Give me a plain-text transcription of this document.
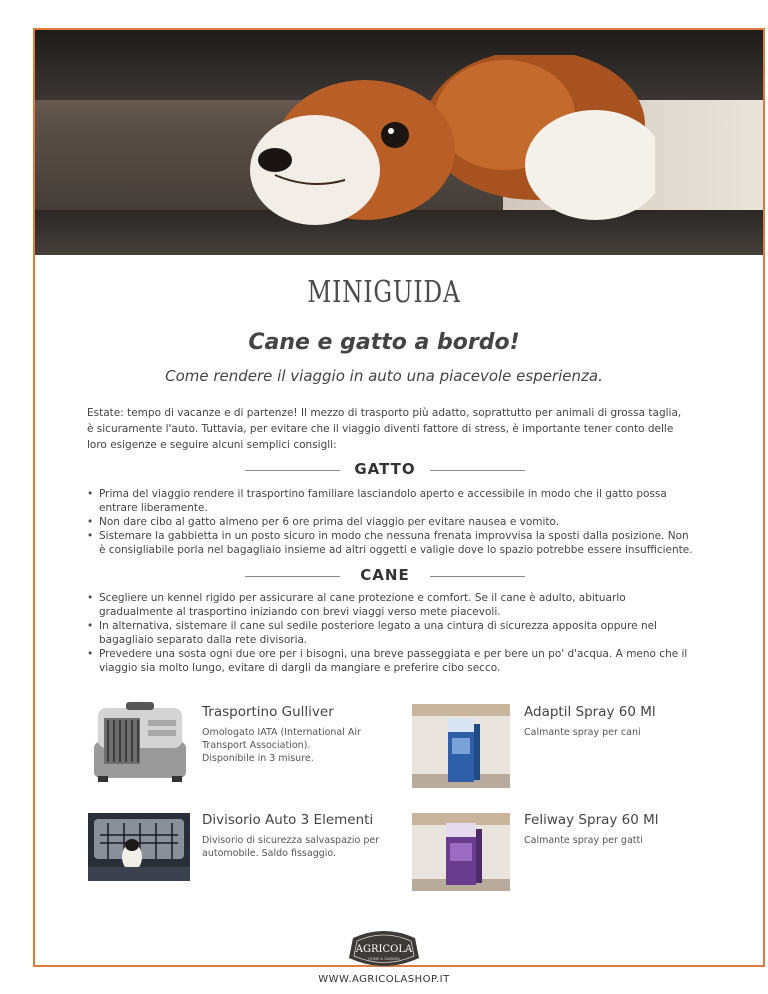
MINIGUIDA
Cane e gatto a bordo!
Come rendere il viaggio in auto una piacevole esperienza.
Estate: tempo di vacanze e di partenze! Il mezzo di trasporto più adatto, soprattutto per animali di grossa taglia, è sicuramente l'auto. Tuttavia, per evitare che il viaggio diventi fattore di stress, è importante tener conto delle loro esigenze e seguire alcuni semplici consigli:
GATTO
• Prima del viaggio rendere il trasportino familiare lasciandolo aperto e accessibile in modo che il gatto possa entrare liberamente.
• Non dare cibo al gatto almeno per 6 ore prima del viaggio per evitare nausea e vomito.
• Sistemare la gabbietta in un posto sicuro in modo che nessuna frenata improvvisa la sposti dalla posizione. Non è consigliabile porla nel bagagliaio insieme ad altri oggetti e valigie dove lo spazio potrebbe essere insufficiente.
CANE
• Scegliere un kennel rigido per assicurare al cane protezione e comfort. Se il cane è adulto, abituarlo gradualmente al trasportino iniziando con brevi viaggi verso mete piacevoli.
• In alternativa, sistemare il cane sul sedile posteriore legato a una cintura di sicurezza apposita oppure nel bagagliaio separato dalla rete divisoria.
• Prevedere una sosta ogni due ore per i bisogni, una breve passeggiata e per bere un po' d'acqua. A meno che il viaggio sia molto lungo, evitare di dargli da mangiare e preferire cibo secco.
Trasportino Gulliver
Omologato IATA (International Air Transport Association). Disponibile in 3 misure.
Adaptil Spray 60 Ml
Calmante spray per cani
Divisorio Auto 3 Elementi
Divisorio di sicurezza salvaspazio per automobile. Saldo fissaggio.
Feliway Spray 60 Ml
Calmante spray per gatti
AGRICOLA
HOME & GARDEN
WWW.AGRICOLASHOP.IT
